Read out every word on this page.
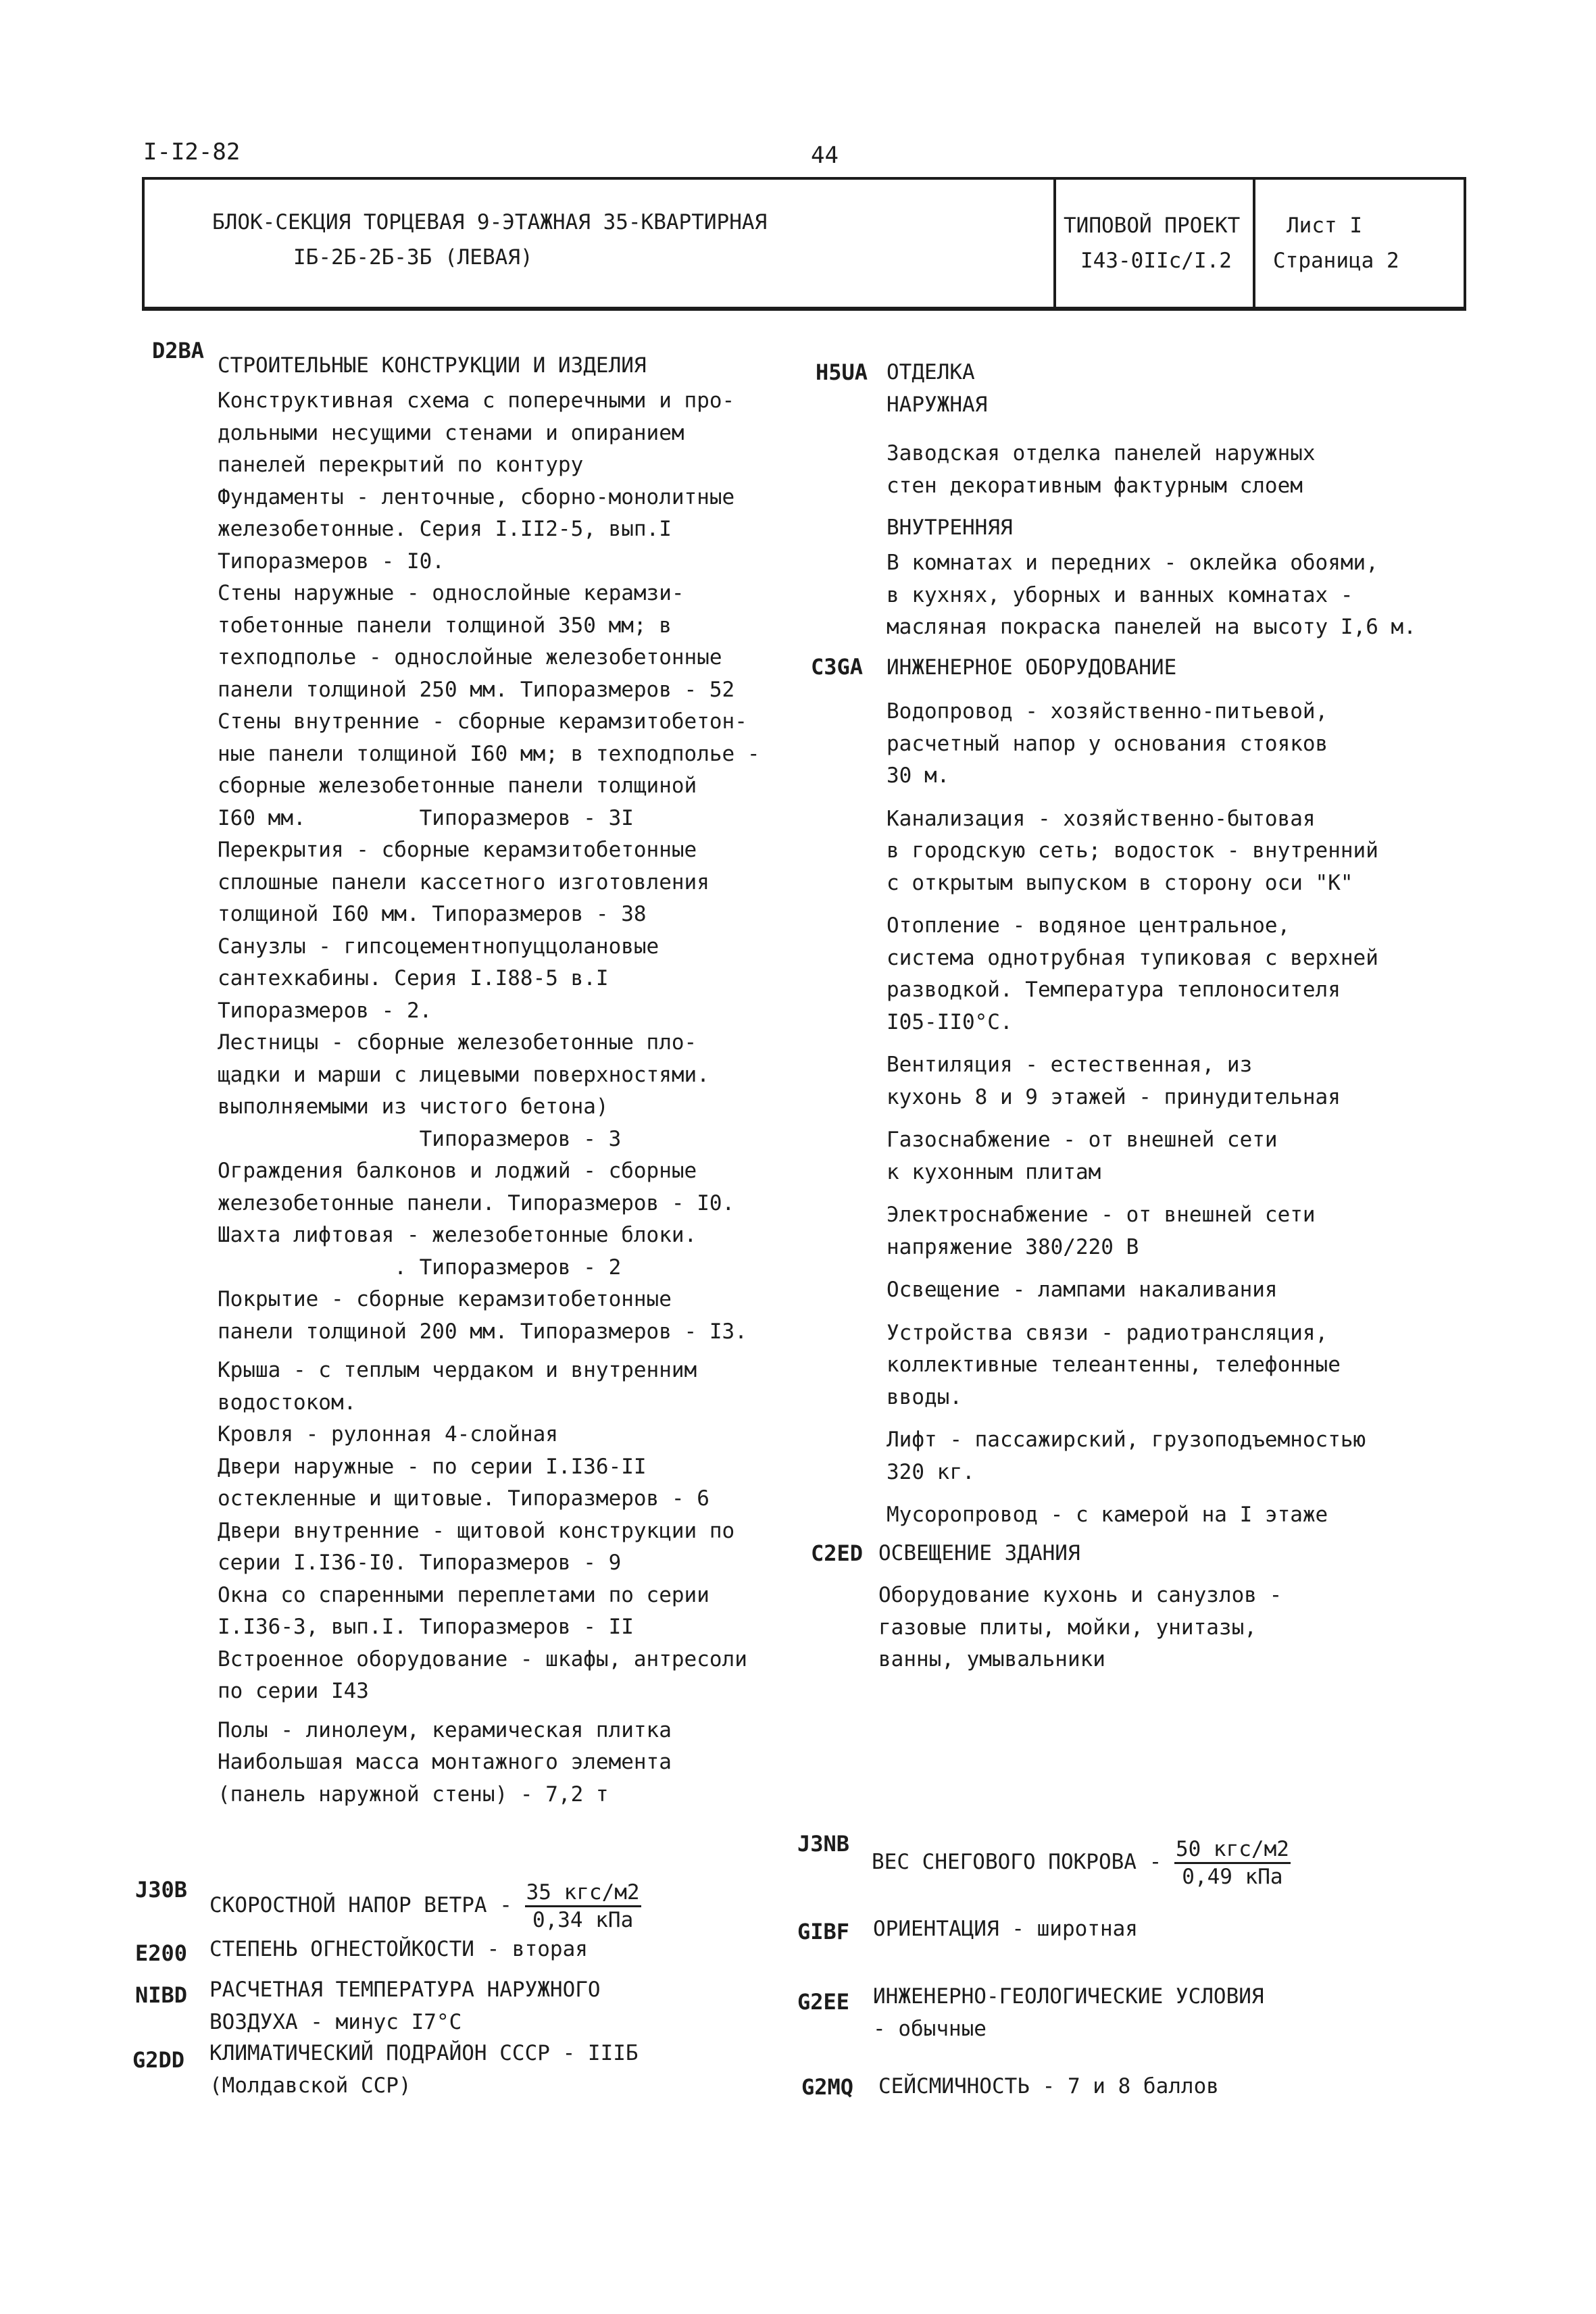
I-I2-82	44
БЛОК-СЕКЦИЯ ТОРЦЕВАЯ 9-ЭТАЖНАЯ 35-КВАРТИРНАЯ
IБ-2Б-2Б-3Б (ЛЕВАЯ)
ТИПОВОЙ ПРОЕКТ
I43-0IIс/I.2
Лист I
Страница 2
D2BA
СТРОИТЕЛЬНЫЕ КОНСТРУКЦИИ И ИЗДЕЛИЯ
Конструктивная схема с поперечными и про-
дольными несущими стенами и опиранием
панелей перекрытий по контуру
Фундаменты - ленточные, сборно-монолитные
железобетонные. Серия I.II2-5, вып.I
Типоразмеров - I0.
Стены наружные - однослойные керамзи-
тобетонные панели толщиной 350 мм; в
техподполье - однослойные железобетонные
панели толщиной 250 мм. Типоразмеров - 52
Стены внутренние - сборные керамзитобетон-
ные панели толщиной I60 мм; в техподполье -
сборные железобетонные панели толщиной
I60 мм.         Типоразмеров - 3I
Перекрытия - сборные керамзитобетонные
сплошные панели кассетного изготовления
толщиной I60 мм. Типоразмеров - 38
Санузлы - гипсоцементнопуццолановые
сантехкабины. Серия I.I88-5 в.I
Типоразмеров - 2.
Лестницы - сборные железобетонные пло-
щадки и марши с лицевыми поверхностями.
выполняемыми из чистого бетона)
Типоразмеров - 3
Ограждения балконов и лоджий - сборные
железобетонные панели. Типоразмеров - I0.
Шахта лифтовая - железобетонные блоки.
. Типоразмеров - 2
Покрытие - сборные керамзитобетонные
панели толщиной 200 мм. Типоразмеров - I3.
Крыша - с теплым чердаком и внутренним
водостоком.
Кровля - рулонная 4-слойная
Двери наружные - по серии I.I36-II
остекленные и щитовые. Типоразмеров - 6
Двери внутренние - щитовой конструкции по
серии I.I36-I0. Типоразмеров - 9
Окна со спаренными переплетами по серии
I.I36-3, вып.I. Типоразмеров - II
Встроенное оборудование - шкафы, антресоли
по серии I43
Полы - линолеум, керамическая плитка
Наибольшая масса монтажного элемента
(панель наружной стены) - 7,2 т
H5UA ОТДЕЛКА
НАРУЖНАЯ
Заводская отделка панелей наружных
стен декоративным фактурным слоем
ВНУТРЕННЯЯ
В комнатах и передних - оклейка обоями,
в кухнях, уборных и ванных комнатах -
масляная покраска панелей на высоту I,6 м.
C3GA ИНЖЕНЕРНОЕ ОБОРУДОВАНИЕ
Водопровод - хозяйственно-питьевой,
расчетный напор у основания стояков
30 м.
Канализация - хозяйственно-бытовая
в городскую сеть; водосток - внутренний
с открытым выпуском в сторону оси "К"
Отопление - водяное центральное,
система однотрубная тупиковая с верхней
разводкой. Температура теплоносителя
I05-II0°С.
Вентиляция - естественная, из
кухонь 8 и 9 этажей - принудительная
Газоснабжение - от внешней сети
к кухонным плитам
Электроснабжение - от внешней сети
напряжение 380/220 В
Освещение - лампами накаливания
Устройства связи - радиотрансляция,
коллективные телеантенны, телефонные
вводы.
Лифт - пассажирский, грузоподъемностью
320 кг.
Мусоропровод - с камерой на I этаже
C2ED ОСВЕЩЕНИЕ ЗДАНИЯ
Оборудование кухонь и санузлов -
газовые плиты, мойки, унитазы,
ванны, умывальники
J30B
СКОРОСТНОЙ НАПОР ВЕТРА - $\frac{\text{35 кгс/м2}}{\text{0,34 кПа}}$
E200 СТЕПЕНЬ ОГНЕСТОЙКОСТИ - вторая
NIBD РАСЧЕТНАЯ ТЕМПЕРАТУРА НАРУЖНОГО
ВОЗДУХА - минус I7°С
G2DD КЛИМАТИЧЕСКИЙ ПОДРАЙОН СССР - IIIБ
(Молдавской ССР)
J3NB
ВЕС СНЕГОВОГО ПОКРОВА - $\frac{\text{50 кгс/м2}}{\text{0,49 кПа}}$
GIBF ОРИЕНТАЦИЯ - широтная
G2EE ИНЖЕНЕРНО-ГЕОЛОГИЧЕСКИЕ УСЛОВИЯ
- обычные
G2MQ СЕЙСМИЧНОСТЬ - 7 и 8 баллов
